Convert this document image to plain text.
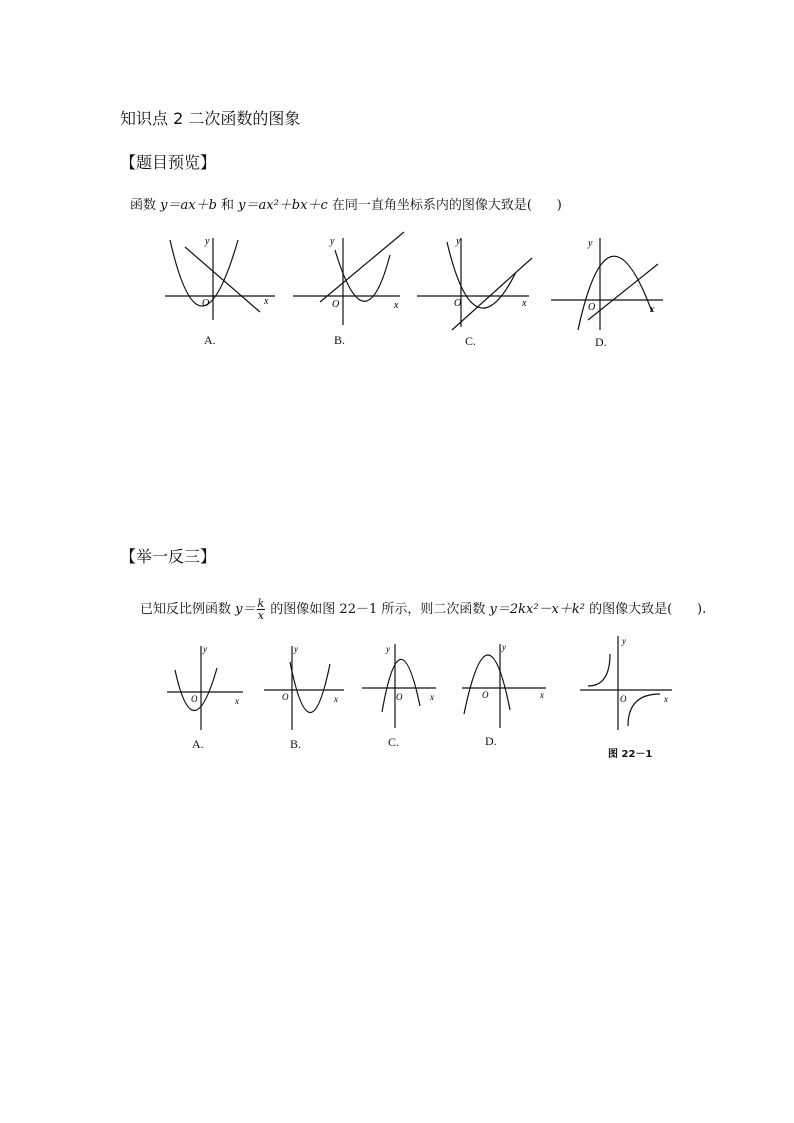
知识点 2 二次函数的图象
【题目预览】
函数 y＝ax＋b 和 y＝ax²＋bx＋c 在同一直角坐标系内的图像大致是( )
y
x
O
A.
y
x
O
B.
y
x
O
C.
y
x
O
D.
【举一反三】
已知反比例函数 $y= \frac{k}{x}$ 的图像如图 22－1 所示，则二次函数 y＝2kx²－x＋k² 的图像大致是( ).
y
x
O
A.
y
x
O
B.
y
x
O
C.
y
x
O
D.
y
x
O
图 22－1
